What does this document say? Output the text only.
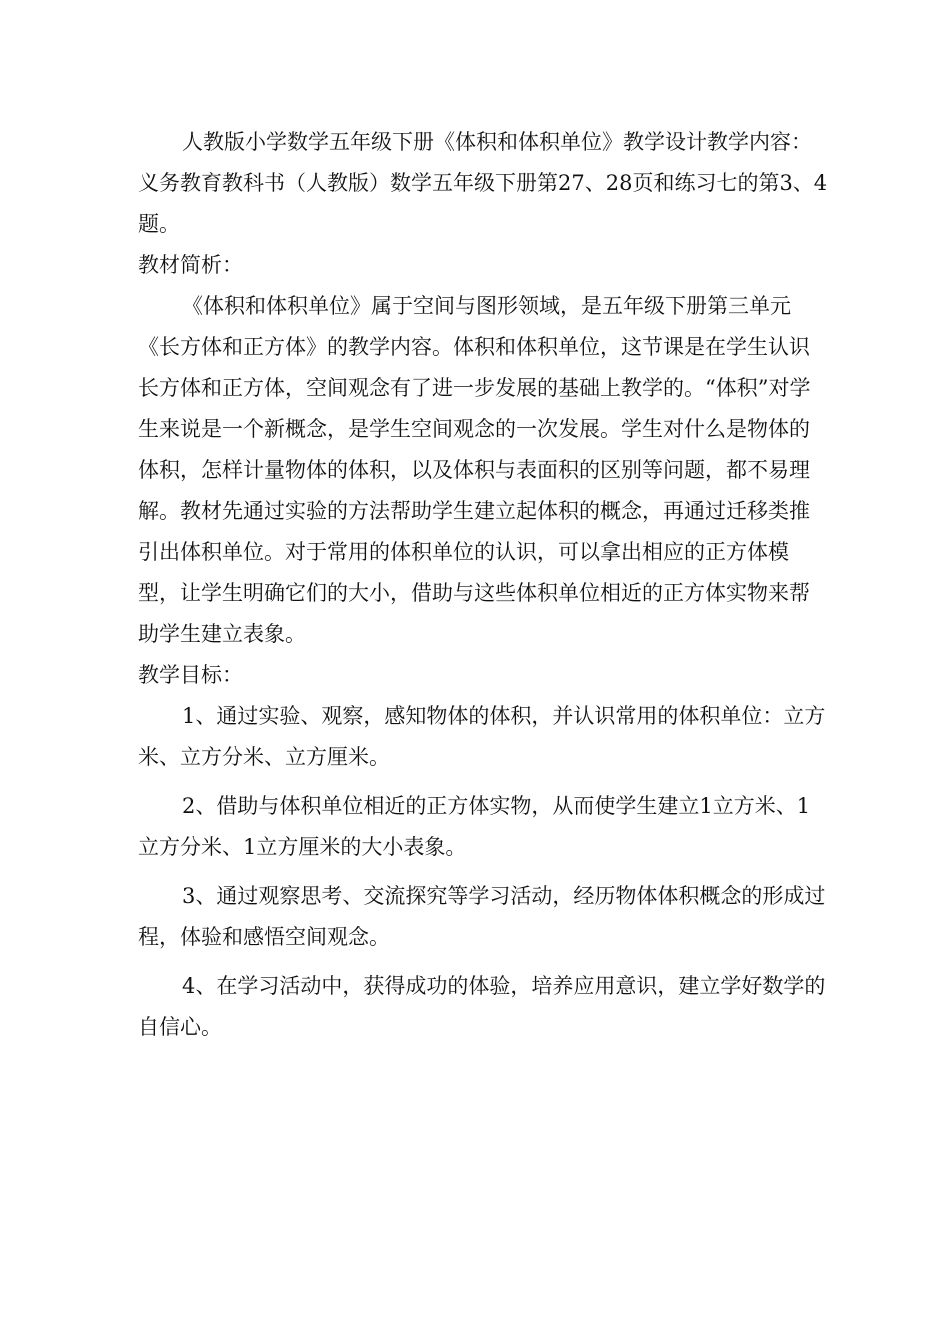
人教版小学数学五年级下册《体积和体积单位》教学设计教学内容：义务教育教科书（人教版）数学五年级下册第27、28页和练习七的第3、4题。

教材简析：

《体积和体积单位》属于空间与图形领域，是五年级下册第三单元《长方体和正方体》的教学内容。体积和体积单位，这节课是在学生认识长方体和正方体，空间观念有了进一步发展的基础上教学的。“体积”对学生来说是一个新概念，是学生空间观念的一次发展。学生对什么是物体的体积，怎样计量物体的体积，以及体积与表面积的区别等问题，都不易理解。教材先通过实验的方法帮助学生建立起体积的概念，再通过迁移类推引出体积单位。对于常用的体积单位的认识，可以拿出相应的正方体模型，让学生明确它们的大小，借助与这些体积单位相近的正方体实物来帮助学生建立表象。

教学目标：

1、通过实验、观察，感知物体的体积，并认识常用的体积单位：立方米、立方分米、立方厘米。

2、借助与体积单位相近的正方体实物，从而使学生建立1立方米、1立方分米、1立方厘米的大小表象。

3、通过观察思考、交流探究等学习活动，经历物体体积概念的形成过程，体验和感悟空间观念。

4、在学习活动中，获得成功的体验，培养应用意识，建立学好数学的自信心。
